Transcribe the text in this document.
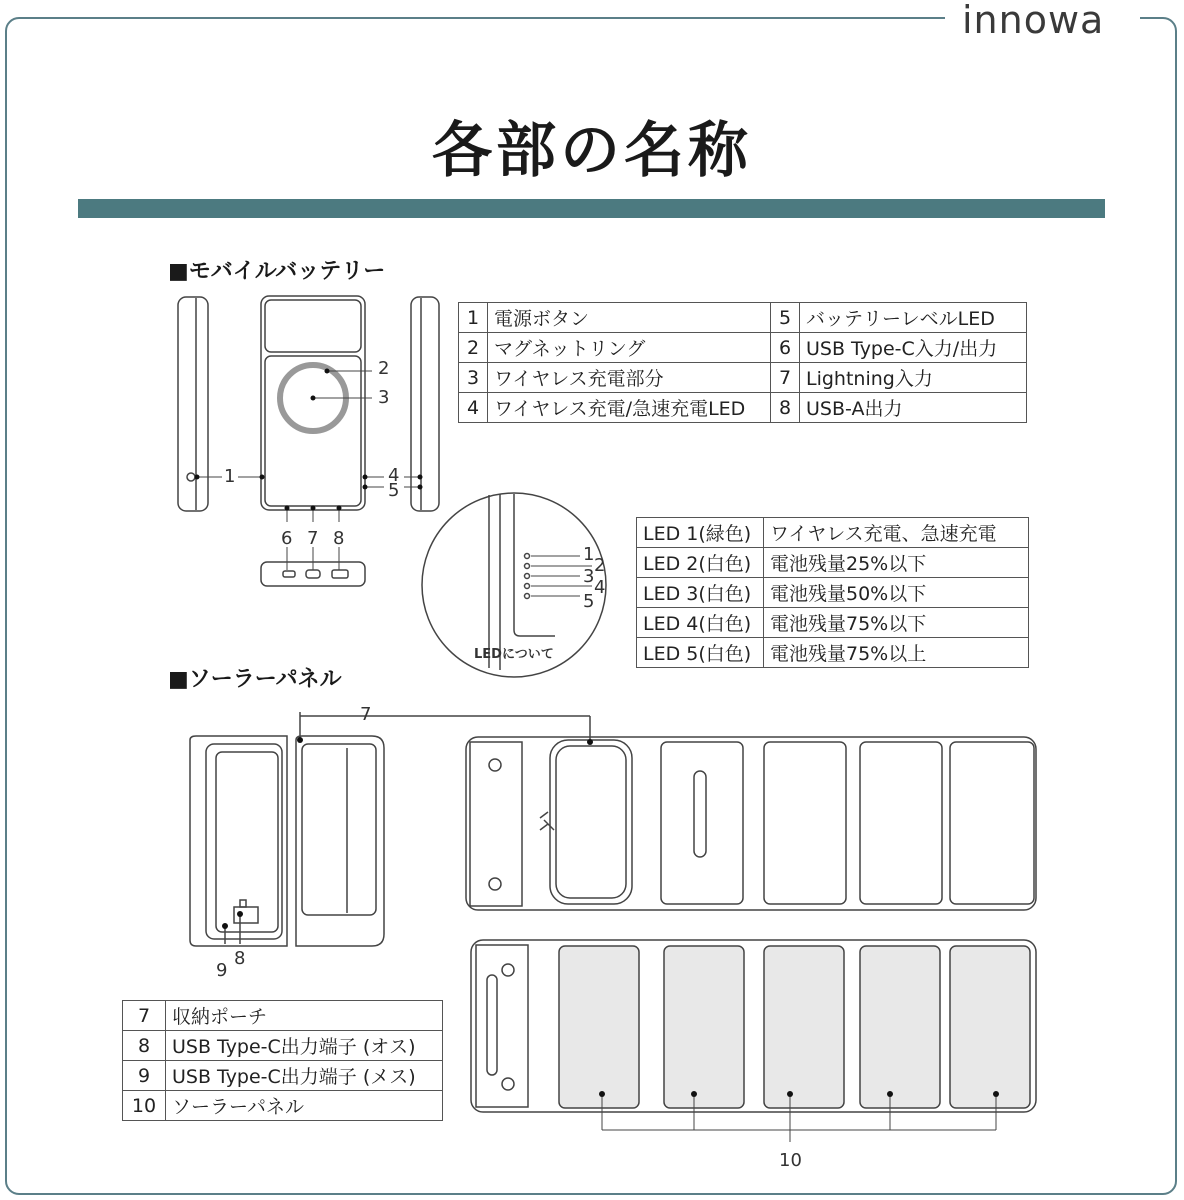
innowa
各部の名称
■モバイルバッテリー
■ソーラーパネル
1
2
3
4
5
6 7 8
1
2
3
4
5
LEDについて
7
9
8
10
1	電源ボタン	5	バッテリーレベルLED
2	マグネットリング	6	USB Type-C入力/出力
3	ワイヤレス充電部分	7	Lightning入力
4	ワイヤレス充電/急速充電LED	8	USB-A出力
LED 1(緑色)	ワイヤレス充電、急速充電
LED 2(白色)	電池残量25%以下
LED 3(白色)	電池残量50%以下
LED 4(白色)	電池残量75%以下
LED 5(白色)	電池残量75%以上
7	収納ポーチ
8	USB Type-C出力端子 (オス)
9	USB Type-C出力端子 (メス)
10	ソーラーパネル
